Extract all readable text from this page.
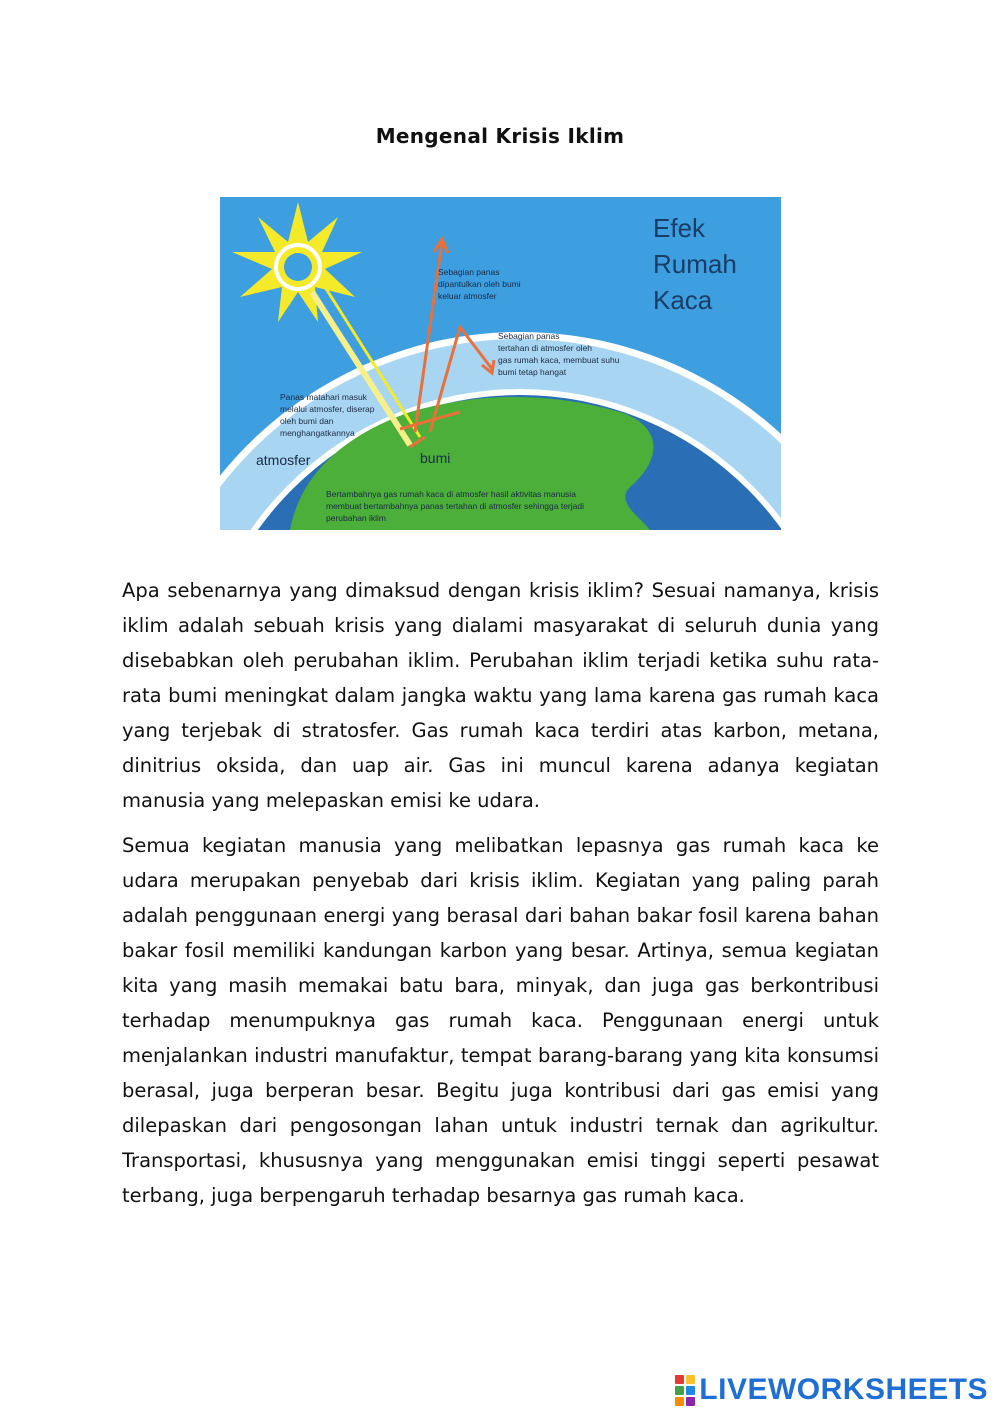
Mengenal Krisis Iklim
Efek
Rumah
Kaca
Sebagian panas
dipantulkan oleh bumi
keluar atmosfer
Sebagian panas
tertahan di atmosfer oleh
gas rumah kaca, membuat suhu
bumi tetap hangat
Panas matahari masuk
melalui atmosfer, diserap
oleh bumi dan
menghangatkannya
Bertambahnya gas rumah kaca di atmosfer hasil aktivitas manusia
membuat bertambahnya panas tertahan di atmosfer sehingga terjadi
perubahan iklim
atmosfer	bumi

Apa sebenarnya yang dimaksud dengan krisis iklim? Sesuai namanya, krisis iklim adalah sebuah krisis yang dialami masyarakat di seluruh dunia yang disebabkan oleh perubahan iklim. Perubahan iklim terjadi ketika suhu rata-rata bumi meningkat dalam jangka waktu yang lama karena gas rumah kaca yang terjebak di stratosfer. Gas rumah kaca terdiri atas karbon, metana, dinitrius oksida, dan uap air. Gas ini muncul karena adanya kegiatan manusia yang melepaskan emisi ke udara.

Semua kegiatan manusia yang melibatkan lepasnya gas rumah kaca ke udara merupakan penyebab dari krisis iklim. Kegiatan yang paling parah adalah penggunaan energi yang berasal dari bahan bakar fosil karena bahan bakar fosil memiliki kandungan karbon yang besar. Artinya, semua kegiatan kita yang masih memakai batu bara, minyak, dan juga gas berkontribusi terhadap menumpuknya gas rumah kaca. Penggunaan energi untuk menjalankan industri manufaktur, tempat barang-barang yang kita konsumsi berasal, juga berperan besar. Begitu juga kontribusi dari gas emisi yang dilepaskan dari pengosongan lahan untuk industri ternak dan agrikultur. Transportasi, khususnya yang menggunakan emisi tinggi seperti pesawat terbang, juga berpengaruh terhadap besarnya gas rumah kaca.

LIVEWORKSHEETS
